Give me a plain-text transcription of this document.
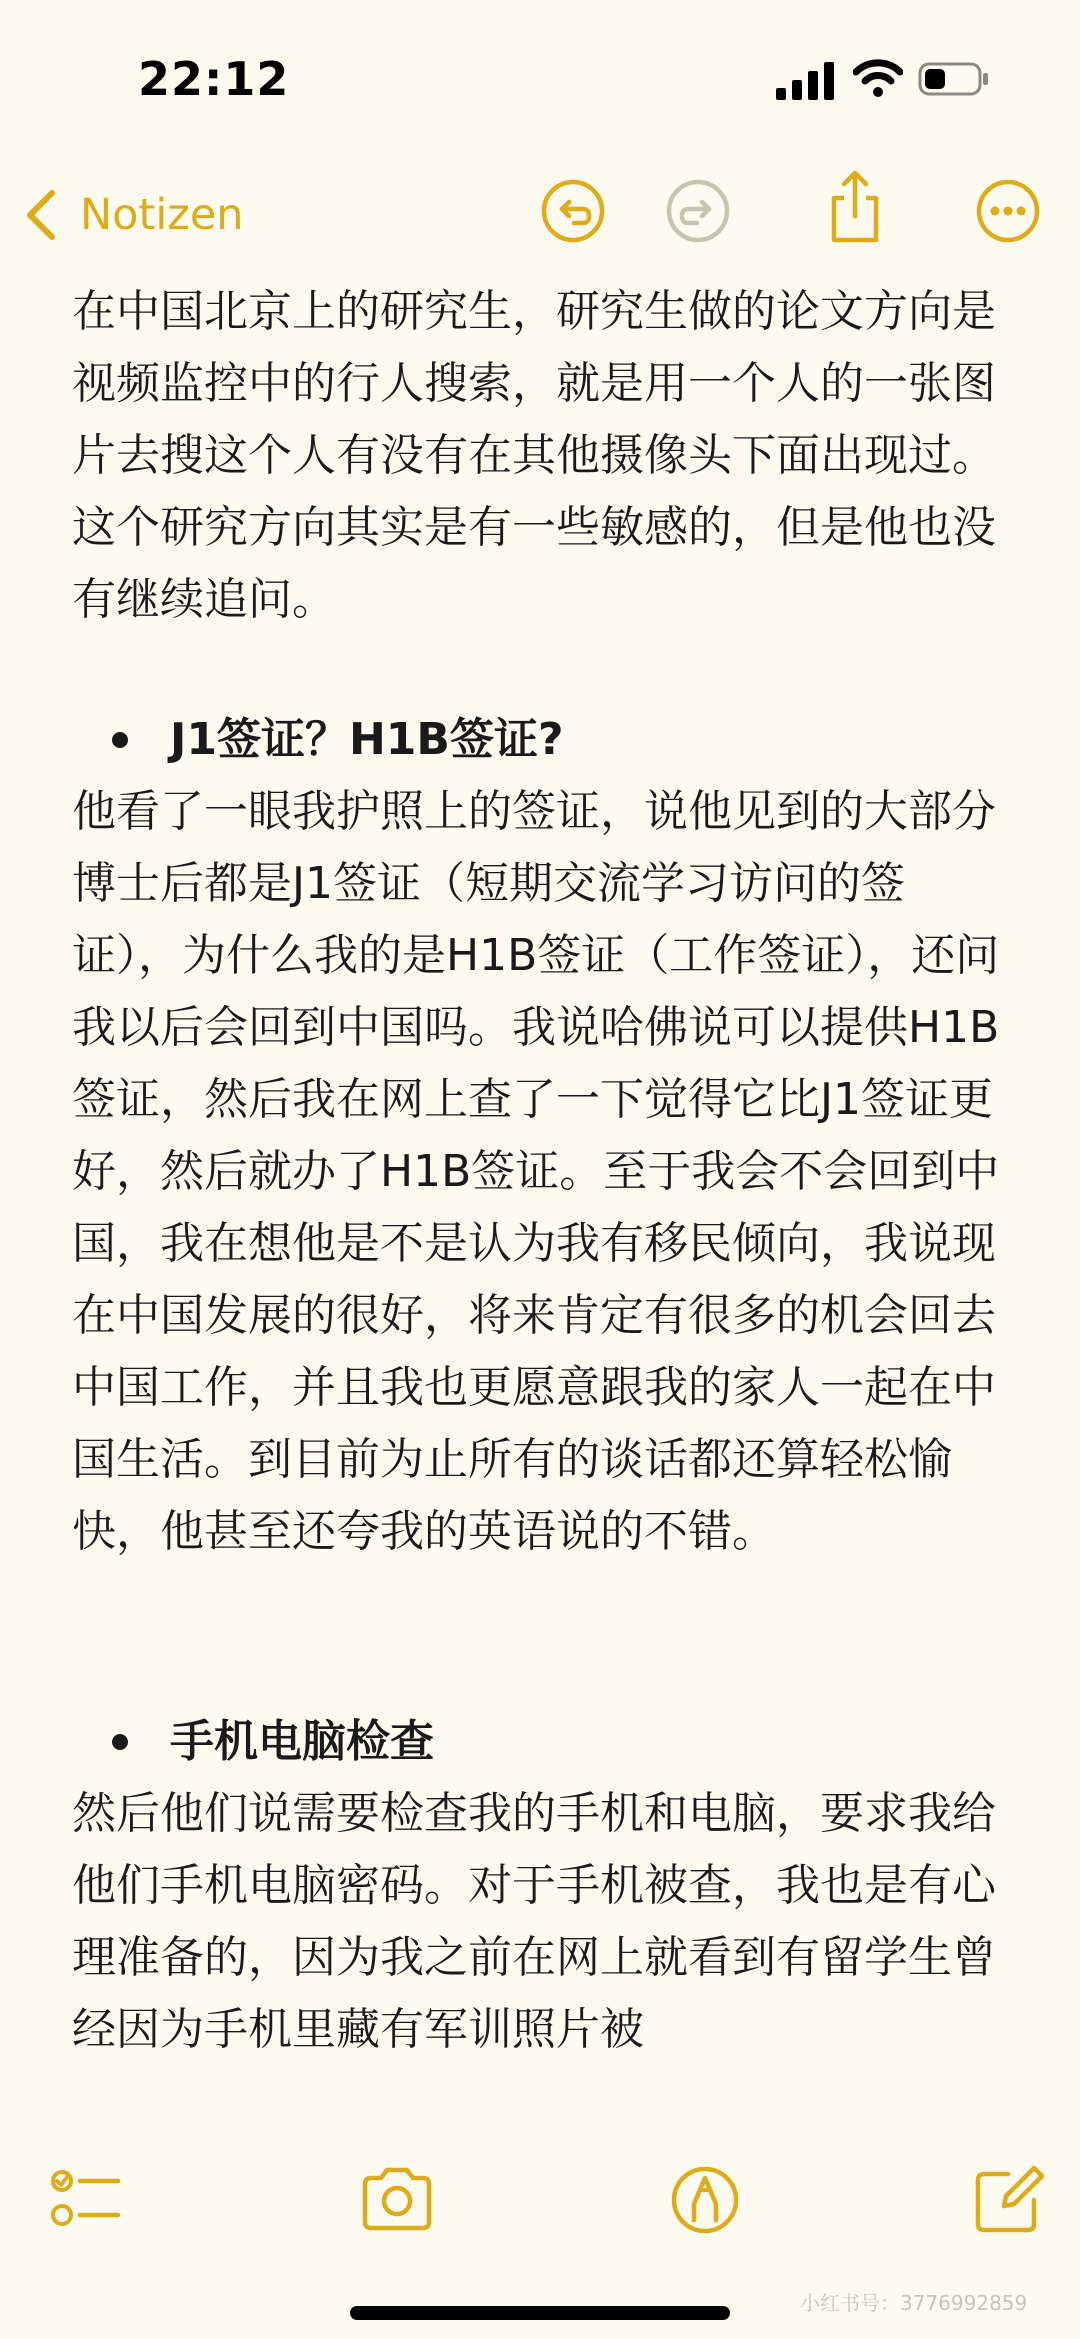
22:12
Notizen

在中国北京上的研究生，研究生做的论文方向是视频监控中的行人搜索，就是用一个人的一张图片去搜这个人有没有在其他摄像头下面出现过。这个研究方向其实是有一些敏感的，但是他也没有继续追问。

J1签证？H1B签证?

他看了一眼我护照上的签证，说他见到的大部分博士后都是J1签证（短期交流学习访问的签证），为什么我的是H1B签证（工作签证），还问我以后会回到中国吗。我说哈佛说可以提供H1B签证，然后我在网上查了一下觉得它比J1签证更好，然后就办了H1B签证。至于我会不会回到中国，我在想他是不是认为我有移民倾向，我说现在中国发展的很好，将来肯定有很多的机会回去中国工作，并且我也更愿意跟我的家人一起在中国生活。到目前为止所有的谈话都还算轻松愉快，他甚至还夸我的英语说的不错。

手机电脑检查

然后他们说需要检查我的手机和电脑，要求我给他们手机电脑密码。对于手机被查，我也是有心理准备的，因为我之前在网上就看到有留学生曾经因为手机里藏有军训照片被

小红书号：3776992859
